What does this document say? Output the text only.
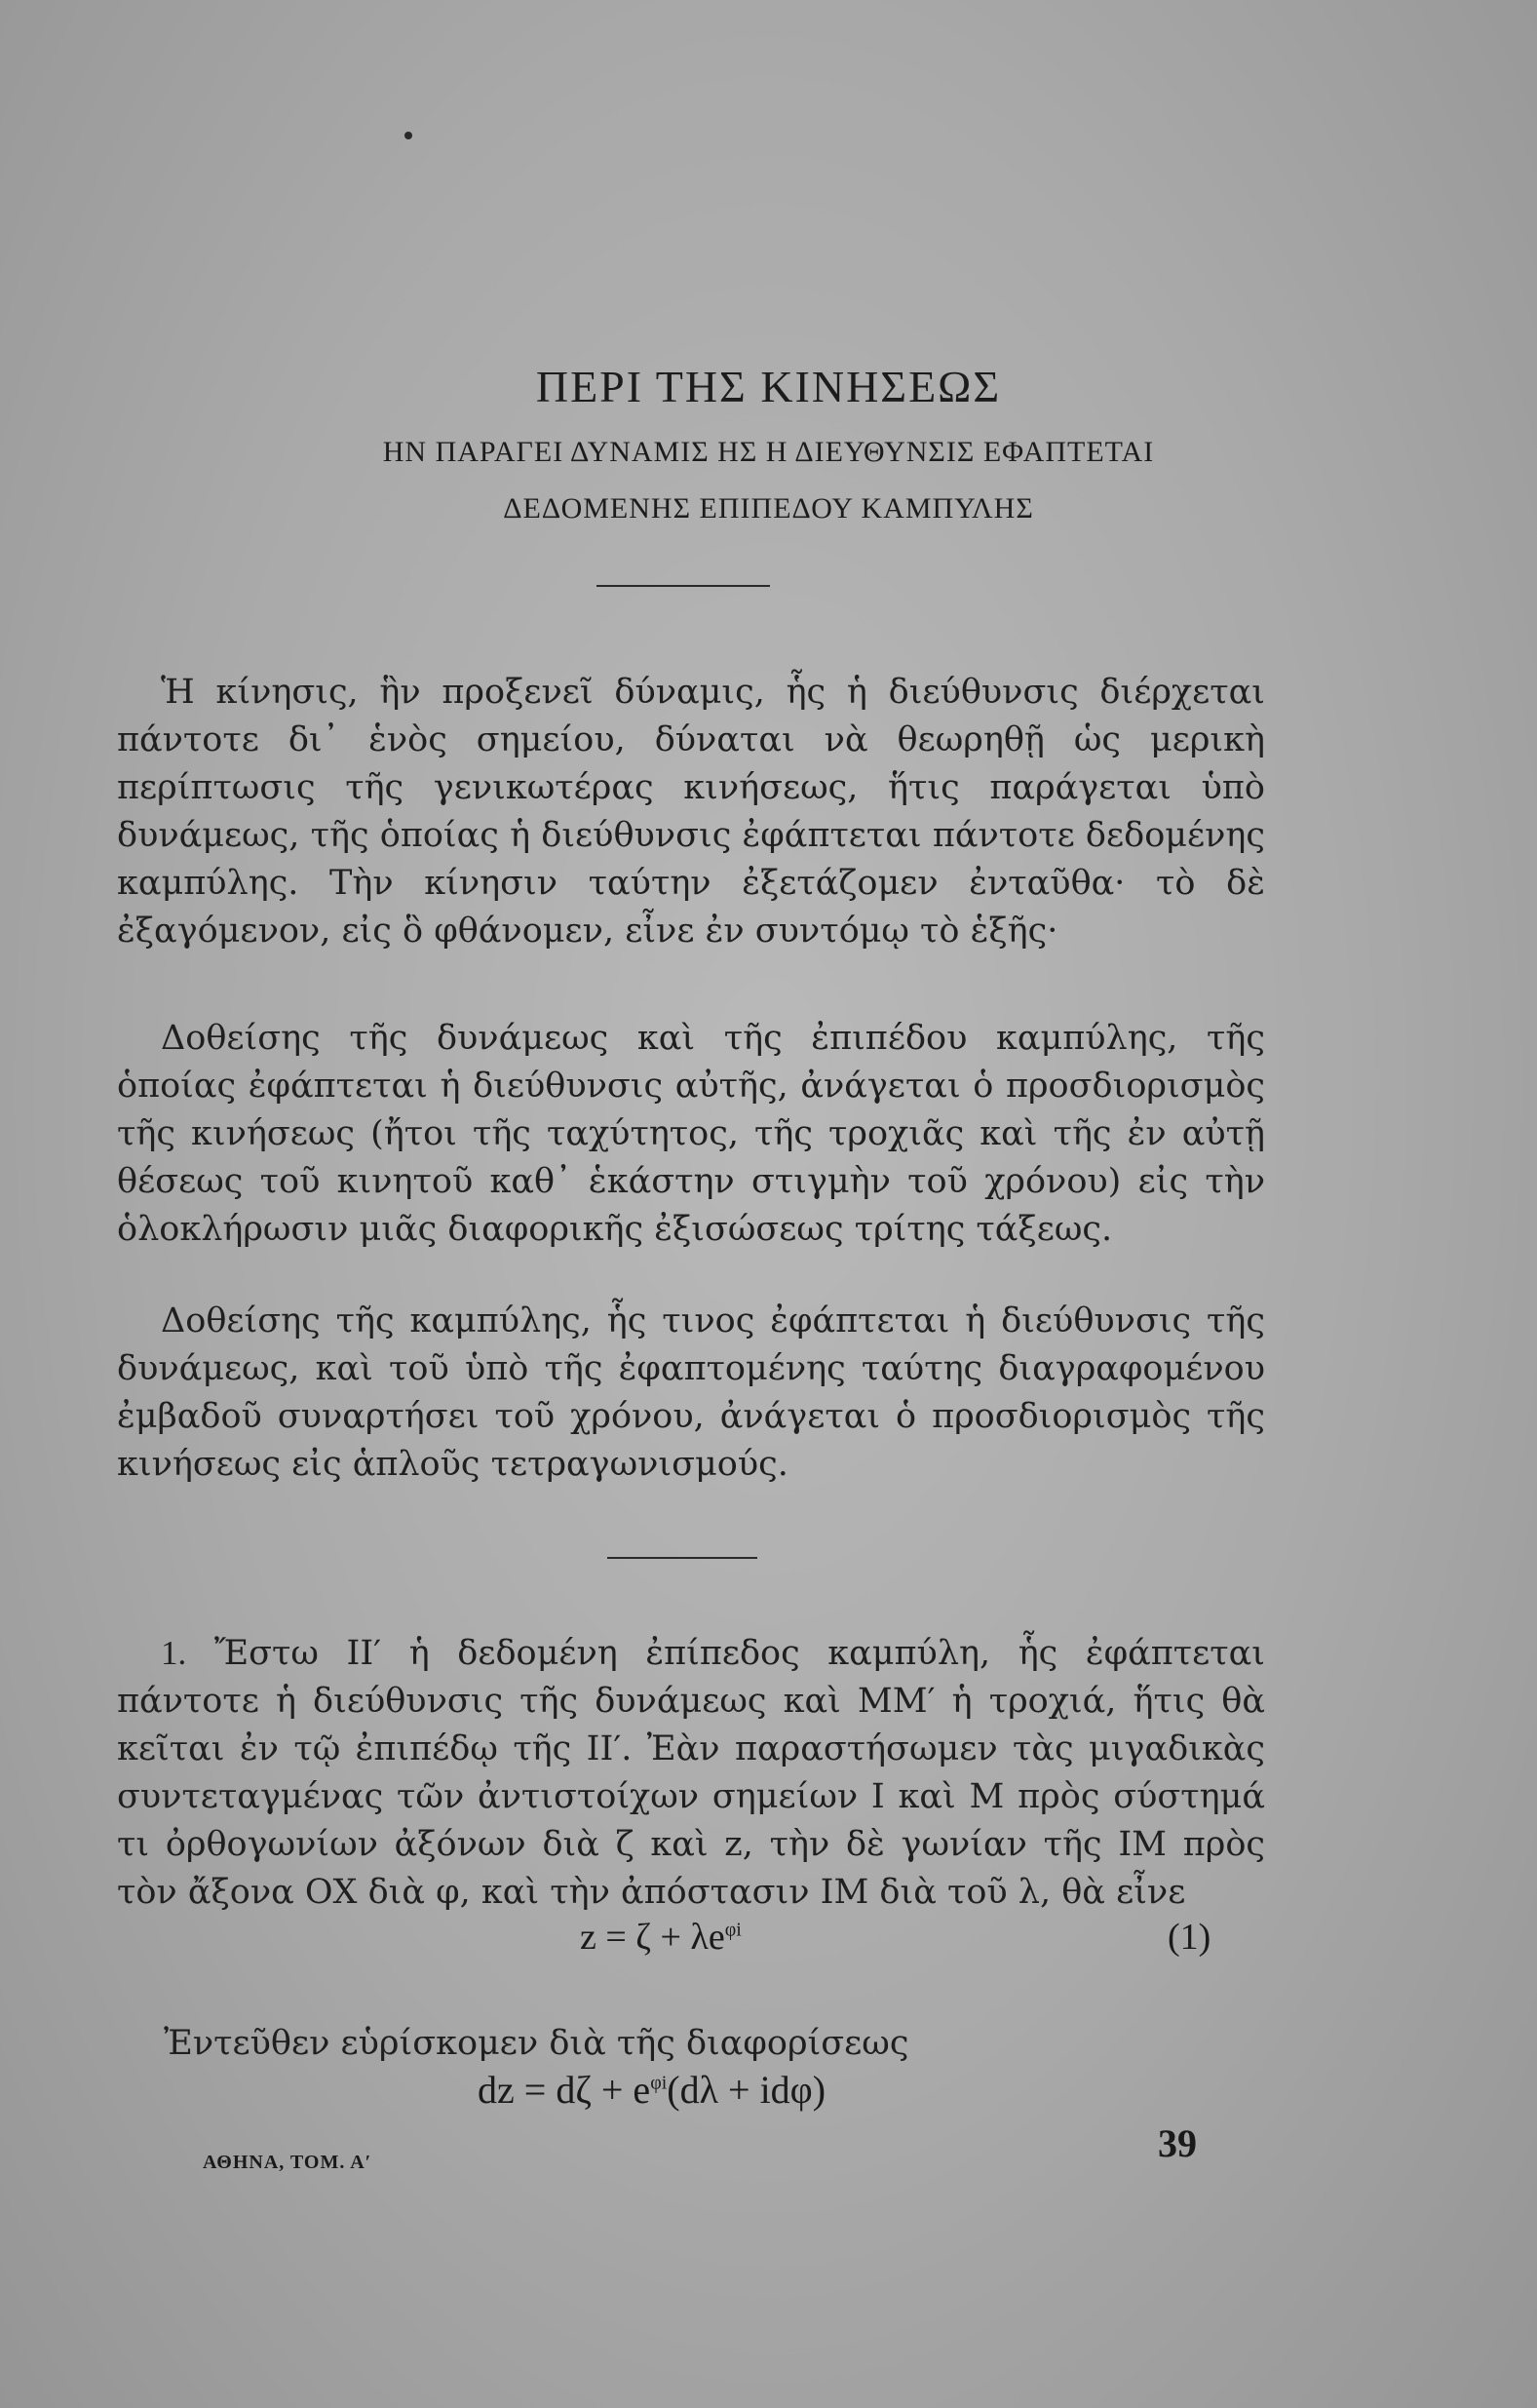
ΠΕΡΙ ΤΗΣ ΚΙΝΗΣΕΩΣ
ΗΝ ΠΑΡΑΓΕΙ ΔΥΝΑΜΙΣ ΗΣ Η ΔΙΕΥΘΥΝΣΙΣ ΕΦΑΠΤΕΤΑΙ
ΔΕΔΟΜΕΝΗΣ ΕΠΙΠΕΔΟΥ ΚΑΜΠΥΛΗΣ
Ἡ κίνησις, ἣν προξενεῖ δύναμις, ἧς ἡ διεύθυνσις διέρχεται πάντοτε δι᾽ ἑνὸς σημείου, δύναται νὰ θεωρηθῇ ὡς μερικὴ περίπτωσις τῆς γενικωτέρας κινήσεως, ἥτις παράγεται ὑπὸ δυνάμεως, τῆς ὁποίας ἡ διεύθυνσις ἐφάπτεται πάντοτε δεδομένης καμπύλης. Τὴν κίνησιν ταύτην ἐξετάζομεν ἐνταῦθα· τὸ δὲ ἐξαγόμενον, εἰς ὃ φθάνομεν, εἶνε ἐν συντόμῳ τὸ ἑξῆς·
Δοθείσης τῆς δυνάμεως καὶ τῆς ἐπιπέδου καμπύλης, τῆς ὁποίας ἐφάπτεται ἡ διεύθυνσις αὐτῆς, ἀνάγεται ὁ προσδιορισμὸς τῆς κινήσεως (ἤτοι τῆς ταχύτητος, τῆς τροχιᾶς καὶ τῆς ἐν αὐτῇ θέσεως τοῦ κινητοῦ καθ᾽ ἑκάστην στιγμὴν τοῦ χρόνου) εἰς τὴν ὁλοκλήρωσιν μιᾶς διαφορικῆς ἐξισώσεως τρίτης τάξεως.
Δοθείσης τῆς καμπύλης, ἧς τινος ἐφάπτεται ἡ διεύθυνσις τῆς δυνάμεως, καὶ τοῦ ὑπὸ τῆς ἐφαπτομένης ταύτης διαγραφομένου ἐμβαδοῦ συναρτήσει τοῦ χρόνου, ἀνάγεται ὁ προσδιορισμὸς τῆς κινήσεως εἰς ἁπλοῦς τετραγωνισμούς.
1. Ἔστω ΙΙ′ ἡ δεδομένη ἐπίπεδος καμπύλη, ἧς ἐφάπτεται πάντοτε ἡ διεύθυνσις τῆς δυνάμεως καὶ ΜΜ′ ἡ τροχιά, ἥτις θὰ κεῖται ἐν τῷ ἐπιπέδῳ τῆς ΙΙ′. Ἐὰν παραστήσωμεν τὰς μιγαδικὰς συντεταγμένας τῶν ἀντιστοίχων σημείων Ι καὶ Μ πρὸς σύστημά τι ὀρθογωνίων ἀξόνων διὰ ζ καὶ z, τὴν δὲ γωνίαν τῆς ΙΜ πρὸς τὸν ἄξονα ΟΧ διὰ φ, καὶ τὴν ἀπόστασιν ΙΜ διὰ τοῦ λ, θὰ εἶνε
$z = \zeta + \lambda e^{\varphi i}$	(1)
Ἐντεῦθεν εὑρίσκομεν διὰ τῆς διαφορίσεως
dz = $d\zeta + e^{\varphi i}(d\lambda + id\varphi)$
ΑΘΗΝΑ, ΤΟΜ. Α′	39
